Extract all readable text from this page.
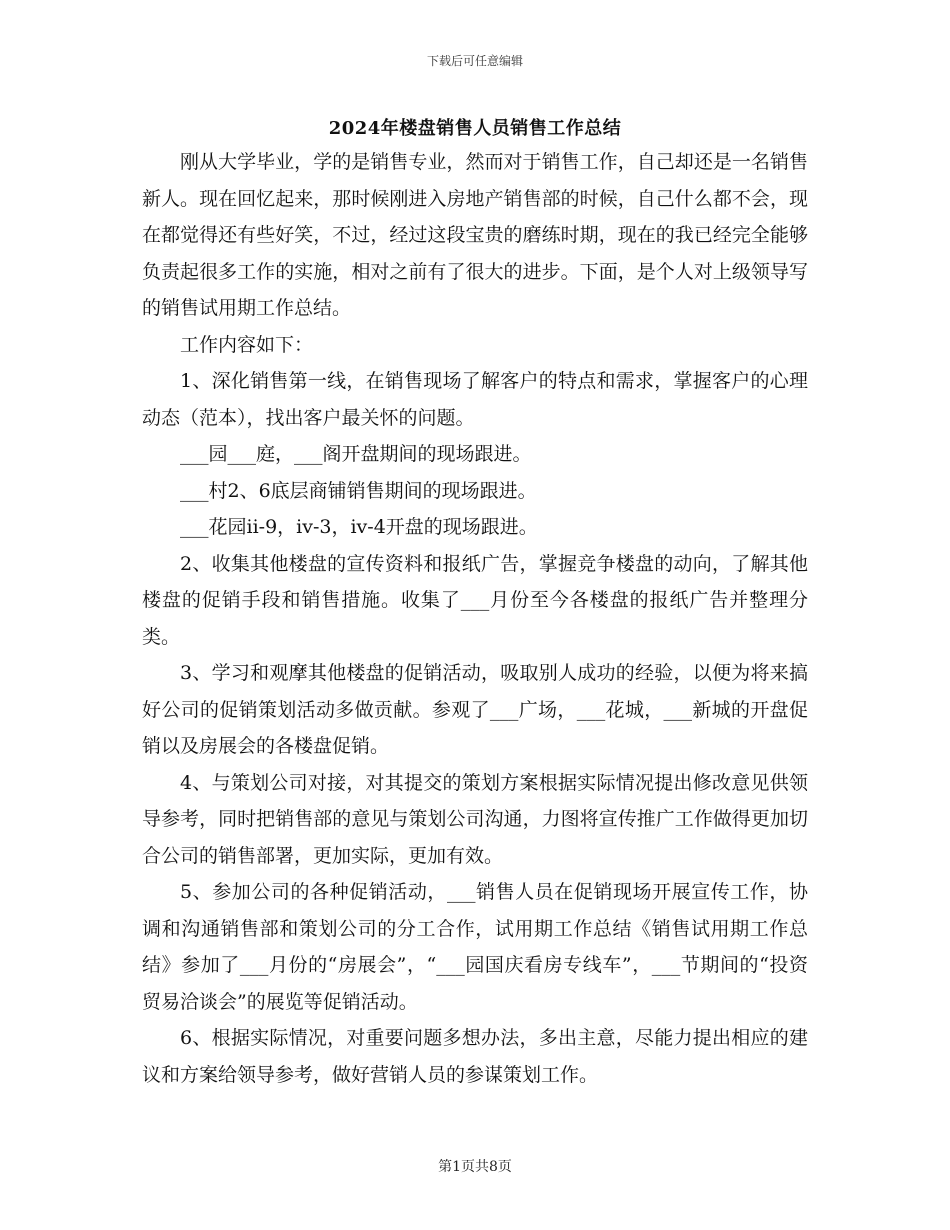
下载后可任意编辑
2024年楼盘销售人员销售工作总结

刚从大学毕业，学的是销售专业，然而对于销售工作，自己却还是一名销售新人。现在回忆起来，那时候刚进入房地产销售部的时候，自己什么都不会，现在都觉得还有些好笑，不过，经过这段宝贵的磨练时期，现在的我已经完全能够负责起很多工作的实施，相对之前有了很大的进步。下面，是个人对上级领导写的销售试用期工作总结。

工作内容如下：

1、深化销售第一线，在销售现场了解客户的特点和需求，掌握客户的心理动态（范本），找出客户最关怀的问题。

___园___庭，___阁开盘期间的现场跟进。

___村2、6底层商铺销售期间的现场跟进。

___花园ii-9，iv-3，iv-4开盘的现场跟进。

2、收集其他楼盘的宣传资料和报纸广告，掌握竞争楼盘的动向，了解其他楼盘的促销手段和销售措施。收集了___月份至今各楼盘的报纸广告并整理分类。

3、学习和观摩其他楼盘的促销活动，吸取别人成功的经验，以便为将来搞好公司的促销策划活动多做贡献。参观了___广场，___花城，___新城的开盘促销以及房展会的各楼盘促销。

4、与策划公司对接，对其提交的策划方案根据实际情况提出修改意见供领导参考，同时把销售部的意见与策划公司沟通，力图将宣传推广工作做得更加切合公司的销售部署，更加实际，更加有效。

5、参加公司的各种促销活动，___销售人员在促销现场开展宣传工作，协调和沟通销售部和策划公司的分工合作，试用期工作总结《销售试用期工作总结》参加了___月份的“房展会”，“___园国庆看房专线车”，___节期间的“投资贸易洽谈会”的展览等促销活动。

6、根据实际情况，对重要问题多想办法，多出主意，尽能力提出相应的建议和方案给领导参考，做好营销人员的参谋策划工作。

第1页共8页
